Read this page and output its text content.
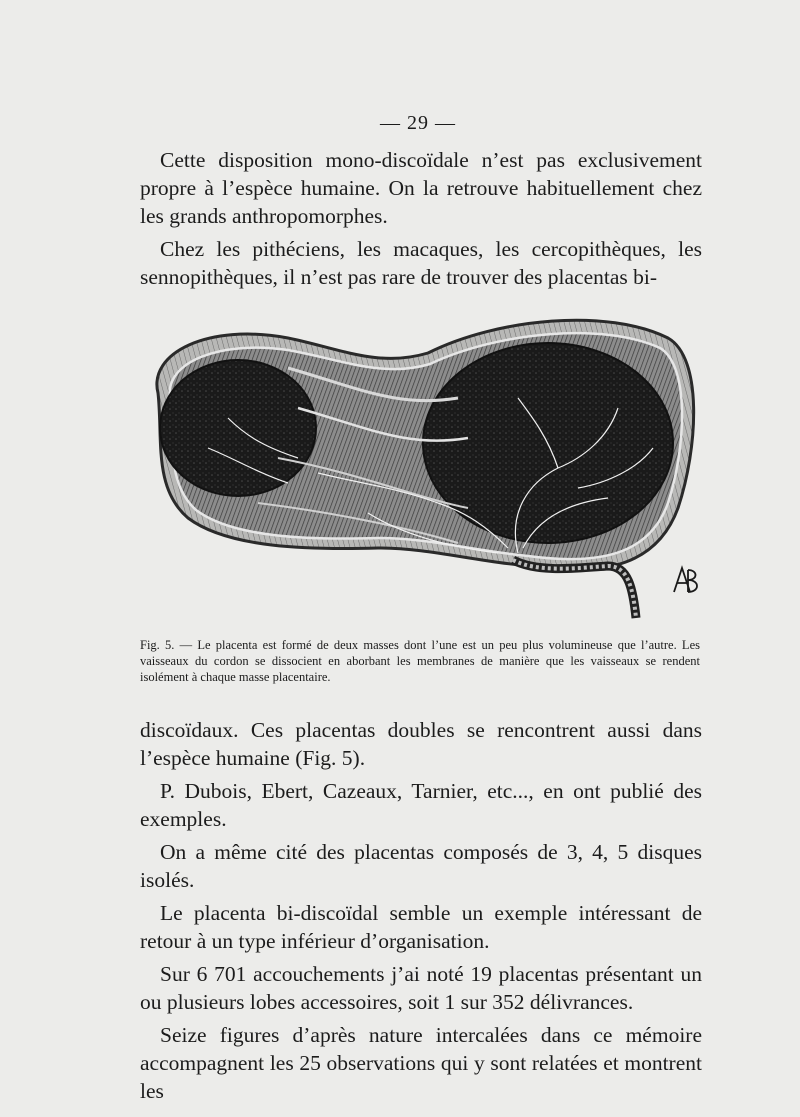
— 29 —

Cette disposition mono-discoïdale n’est pas exclusivement propre à l’espèce humaine. On la retrouve habituellement chez les grands anthropomorphes.

Chez les pithéciens, les macaques, les cercopithèques, les sennopithèques, il n’est pas rare de trouver des placentas bi-

Fig. 5. — Le placenta est formé de deux masses dont l’une est un peu plus volumineuse que l’autre. Les vaisseaux du cordon se dissocient en aborbant les membranes de manière que les vaisseaux se rendent isolément à chaque masse placentaire.

discoïdaux. Ces placentas doubles se rencontrent aussi dans l’espèce humaine (Fig. 5).

P. Dubois, Ebert, Cazeaux, Tarnier, etc..., en ont publié des exemples.

On a même cité des placentas composés de 3, 4, 5 disques isolés.

Le placenta bi-discoïdal semble un exemple intéressant de retour à un type inférieur d’organisation.

Sur 6 701 accouchements j’ai noté 19 placentas présentant un ou plusieurs lobes accessoires, soit 1 sur 352 délivrances.

Seize figures d’après nature intercalées dans ce mémoire accompagnent les 25 observations qui y sont relatées et montrent les
